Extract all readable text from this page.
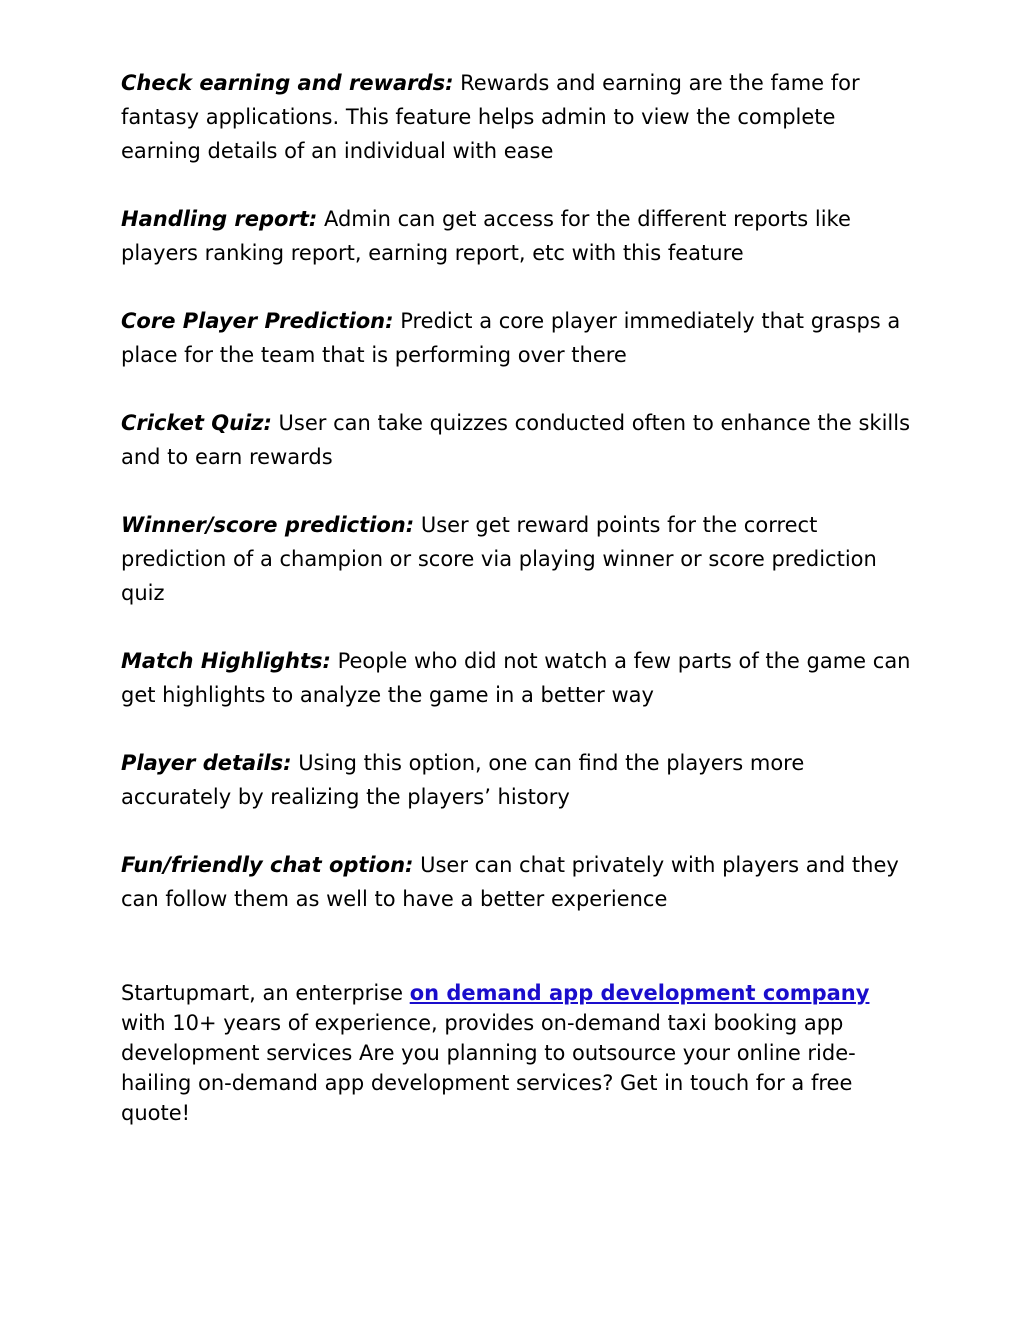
Check earning and rewards: Rewards and earning are the fame for fantasy applications. This feature helps admin to view the complete earning details of an individual with ease

Handling report: Admin can get access for the different reports like players ranking report, earning report, etc with this feature

Core Player Prediction: Predict a core player immediately that grasps a place for the team that is performing over there

Cricket Quiz: User can take quizzes conducted often to enhance the skills and to earn rewards

Winner/score prediction: User get reward points for the correct prediction of a champion or score via playing winner or score prediction quiz

Match Highlights: People who did not watch a few parts of the game can get highlights to analyze the game in a better way

Player details: Using this option, one can find the players more accurately by realizing the players’ history

Fun/friendly chat option: User can chat privately with players and they can follow them as well to have a better experience

Startupmart, an enterprise on demand app development company with 10+ years of experience, provides on-demand taxi booking app development services Are you planning to outsource your online ride-hailing on-demand app development services? Get in touch for a free quote!
